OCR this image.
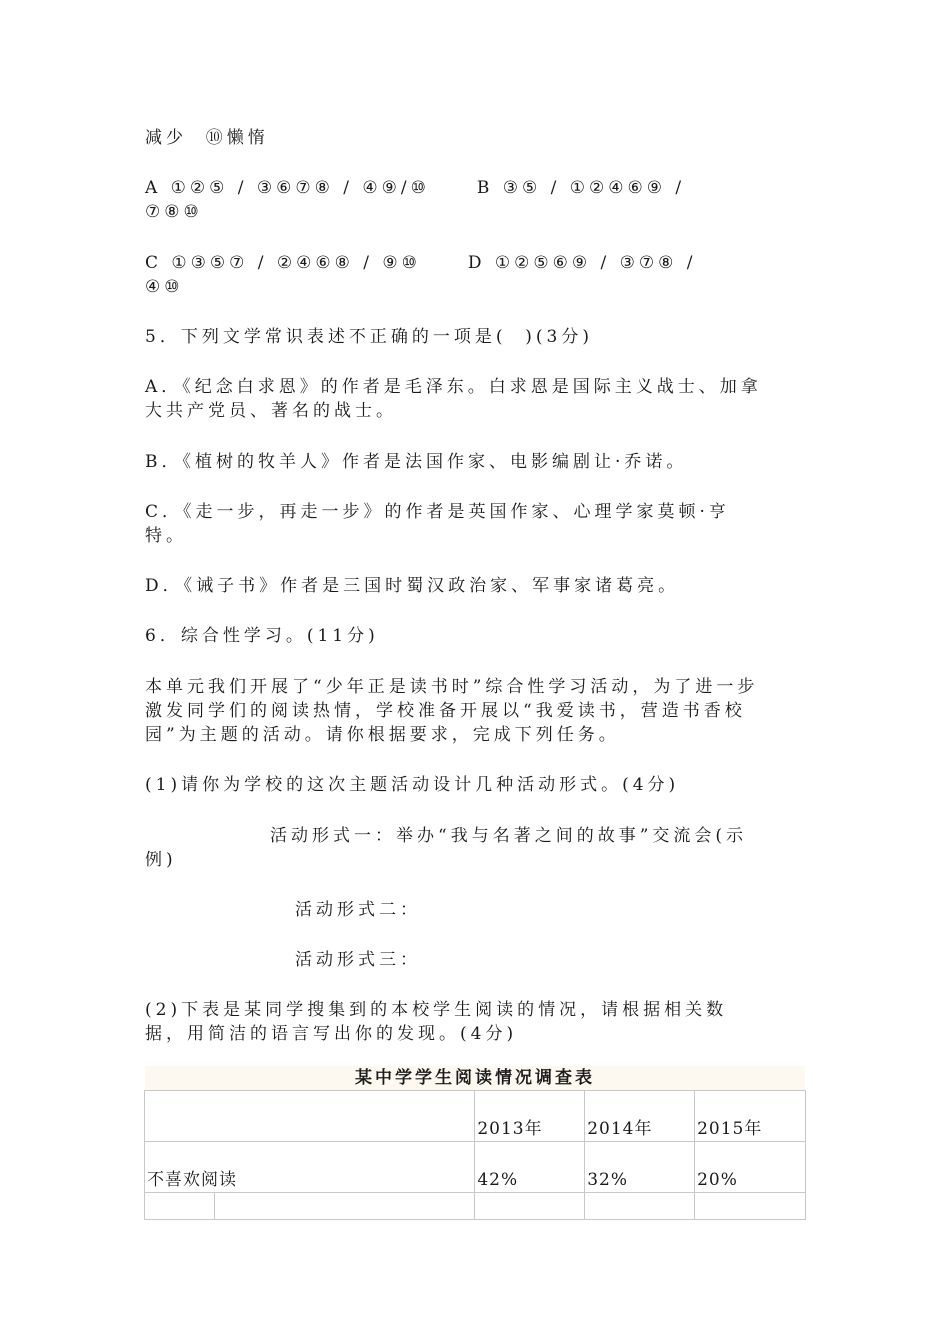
减少  ⑩懒惰
A ①②⑤ / ③⑥⑦⑧ / ④⑨/⑩     B ③⑤ / ①②④⑥⑨ /
⑦⑧⑩
C ①③⑤⑦ / ②④⑥⑧ / ⑨⑩     D ①②⑤⑥⑨ / ③⑦⑧ /
④⑩
5．下列文学常识表述不正确的一项是(  )(3分)
A．《纪念白求恩》的作者是毛泽东。白求恩是国际主义战士、加拿
大共产党员、著名的战士。
B．《植树的牧羊人》作者是法国作家、电影编剧让·乔诺。
C．《走一步，再走一步》的作者是英国作家、心理学家莫顿·亨
特。
D．《诫子书》作者是三国时蜀汉政治家、军事家诸葛亮。
6．综合性学习。(11分)
本单元我们开展了“少年正是读书时”综合性学习活动，为了进一步
激发同学们的阅读热情，学校准备开展以“我爱读书，营造书香校
园”为主题的活动。请你根据要求，完成下列任务。
(1)请你为学校的这次主题活动设计几种活动形式。(4分)
活动形式一：举办“我与名著之间的故事”交流会(示
例)
活动形式二：
活动形式三：
(2)下表是某同学搜集到的本校学生阅读的情况，请根据相关数
据，用简洁的语言写出你的发现。(4分)
某中学学生阅读情况调查表
		2013年	2014年	2015年
不喜欢阅读		42%	32%	20%
